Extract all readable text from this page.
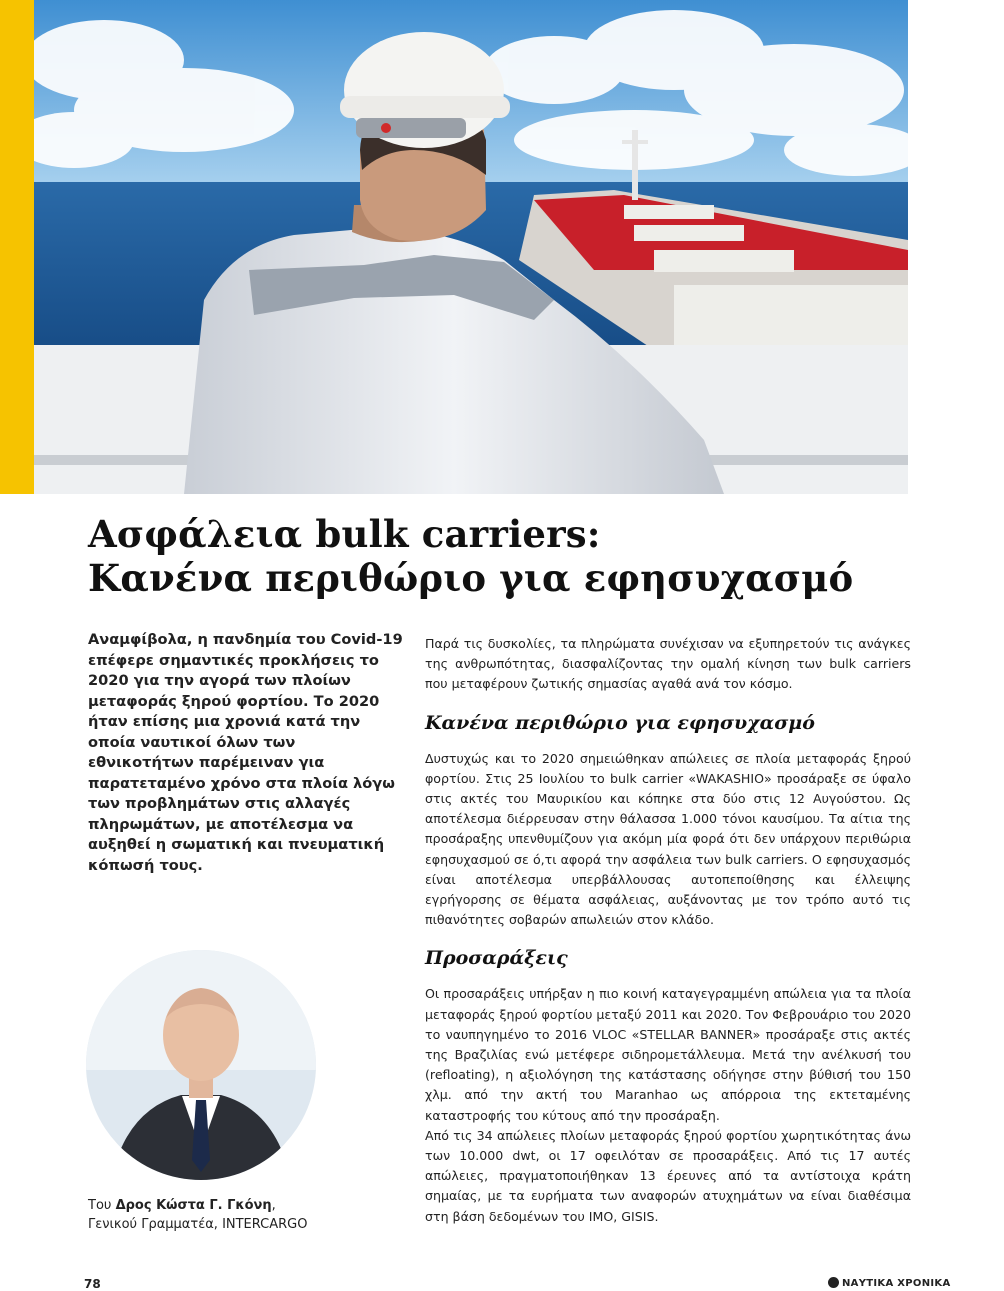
Ασφάλεια bulk carriers:
Κανένα περιθώριο για εφησυχασμό

Αναμφίβολα, η πανδημία του Covid-19 επέφερε σημαντικές προκλήσεις το 2020 για την αγορά των πλοίων μεταφοράς ξηρού φορτίου. Το 2020 ήταν επίσης μια χρονιά κατά την οποία ναυτικοί όλων των εθνικοτήτων παρέμειναν για παρατεταμένο χρόνο στα πλοία λόγω των προβλημάτων στις αλλαγές πληρωμάτων, με αποτέλεσμα να αυξηθεί η σωματική και πνευματική κόπωσή τους.

Παρά τις δυσκολίες, τα πληρώματα συνέχισαν να εξυπηρετούν τις ανάγκες της ανθρωπότητας, διασφαλίζοντας την ομαλή κίνηση των bulk carriers που μεταφέρουν ζωτικής σημασίας αγαθά ανά τον κόσμο.

Κανένα περιθώριο για εφησυχασμό

Δυστυχώς και το 2020 σημειώθηκαν απώλειες σε πλοία μεταφοράς ξηρού φορτίου. Στις 25 Ιουλίου το bulk carrier «WAKASHIO» προσάραξε σε ύφαλο στις ακτές του Μαυρικίου και κόπηκε στα δύο στις 12 Αυγούστου. Ως αποτέλεσμα διέρρευσαν στην θάλασσα 1.000 τόνοι καυσίμου. Τα αίτια της προσάραξης υπενθυμίζουν για ακόμη μία φορά ότι δεν υπάρχουν περιθώρια εφησυχασμού σε ό,τι αφορά την ασφάλεια των bulk carriers. Ο εφησυχασμός είναι αποτέλεσμα υπερβάλλουσας αυτοπεποίθησης και έλλειψης εγρήγορσης σε θέματα ασφάλειας, αυξάνοντας με τον τρόπο αυτό τις πιθανότητες σοβαρών απωλειών στον κλάδο.

Προσαράξεις

Οι προσαράξεις υπήρξαν η πιο κοινή καταγεγραμμένη απώλεια για τα πλοία μεταφοράς ξηρού φορτίου μεταξύ 2011 και 2020. Τον Φεβρουάριο του 2020 το ναυπηγημένο το 2016 VLOC «STELLAR BANNER» προσάραξε στις ακτές της Βραζιλίας ενώ μετέφερε σιδηρομετάλλευμα. Μετά την ανέλκυσή του (refloating), η αξιολόγηση της κατάστασης οδήγησε στην βύθισή του 150 χλμ. από την ακτή του Maranhao ως απόρροια της εκτεταμένης καταστροφής του κύτους από την προσάραξη.

Από τις 34 απώλειες πλοίων μεταφοράς ξηρού φορτίου χωρητικότητας άνω των 10.000 dwt, οι 17 οφειλόταν σε προσαράξεις. Από τις 17 αυτές απώλειες, πραγματοποιήθηκαν 13 έρευνες από τα αντίστοιχα κράτη σημαίας, με τα ευρήματα των αναφορών ατυχημάτων να είναι διαθέσιμα στη βάση δεδομένων του ΙΜΟ, GISIS.

Του Δρος Κώστα Γ. Γκόνη,
Γενικού Γραμματέα, INTERCARGO
78	ΝΑΥΤΙΚΑ ΧΡΟΝΙΚΑ
